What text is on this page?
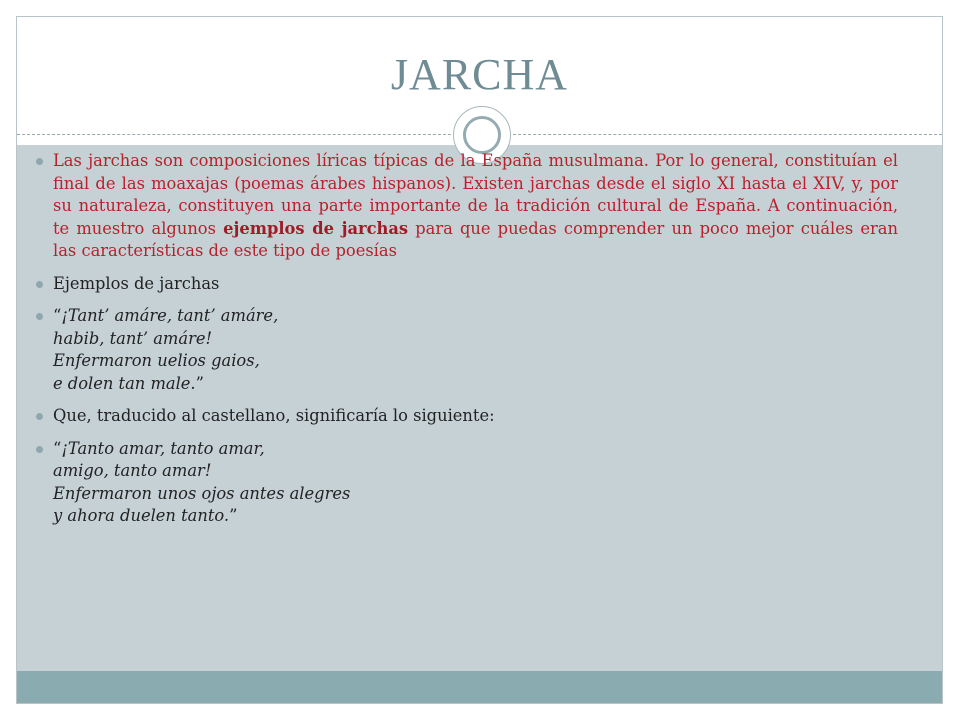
JARCHA
Las jarchas son composiciones líricas típicas de la España musulmana. Por lo general, constituían el final de las moaxajas (poemas árabes hispanos). Existen jarchas desde el siglo XI hasta el XIV, y, por su naturaleza, constituyen una parte importante de la tradición cultural de España. A continuación, te muestro algunos ejemplos de jarchas para que puedas comprender un poco mejor cuáles eran las características de este tipo de poesías
Ejemplos de jarchas
“¡Tant’ amáre, tant’ amáre,
habib, tant’ amáre!
Enfermaron uelios gaios,
e dolen tan male.”
Que, traducido al castellano, significaría lo siguiente:
“¡Tanto amar, tanto amar,
amigo, tanto amar!
Enfermaron unos ojos antes alegres
y ahora duelen tanto.”
